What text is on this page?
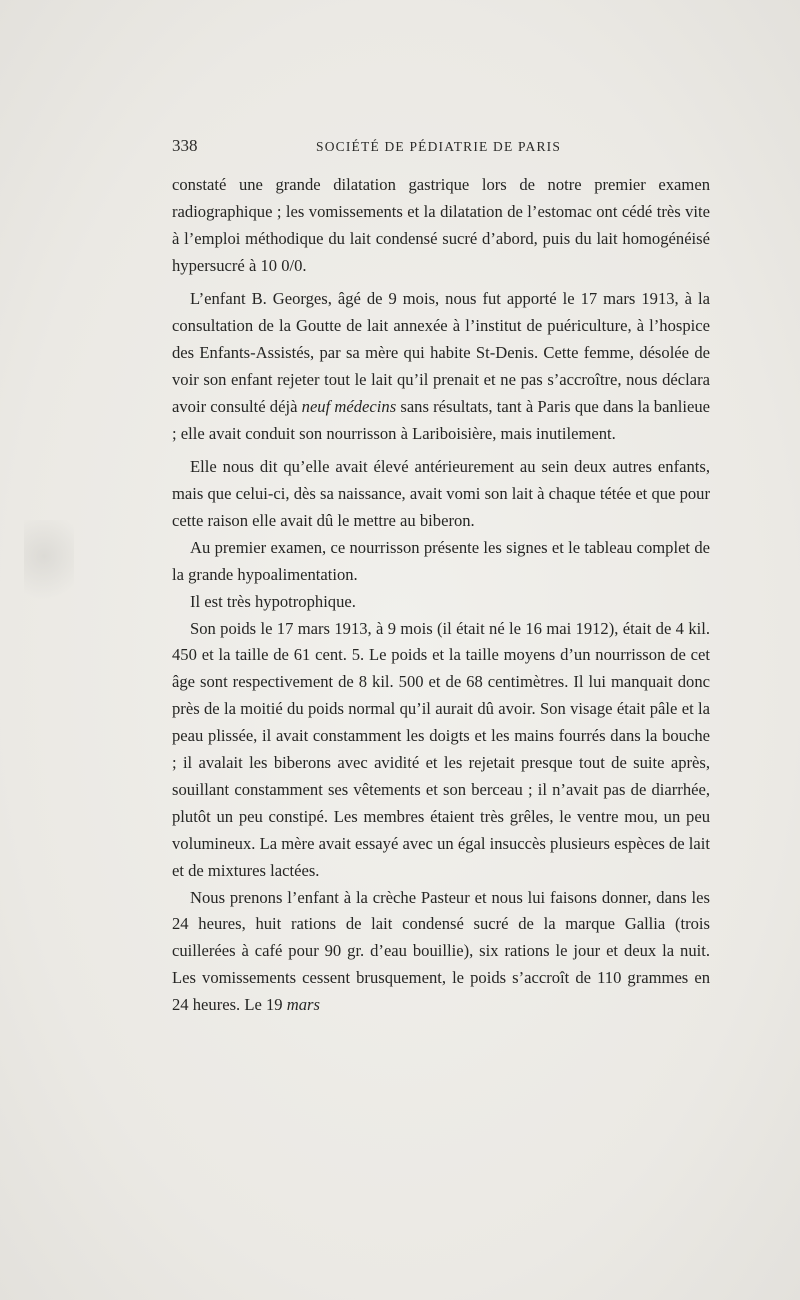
338	SOCIÉTÉ DE PÉDIATRIE DE PARIS

constaté une grande dilatation gastrique lors de notre premier examen radiographique ; les vomissements et la dilatation de l’estomac ont cédé très vite à l’emploi méthodique du lait condensé sucré d’abord, puis du lait homogénéisé hypersucré à 10 0/0.

L’enfant B. Georges, âgé de 9 mois, nous fut apporté le 17 mars 1913, à la consultation de la Goutte de lait annexée à l’institut de puériculture, à l’hospice des Enfants-Assistés, par sa mère qui habite St-Denis. Cette femme, désolée de voir son enfant rejeter tout le lait qu’il prenait et ne pas s’accroître, nous déclara avoir consulté déjà neuf médecins sans résultats, tant à Paris que dans la banlieue ; elle avait conduit son nourrisson à Lariboisière, mais inutilement.

Elle nous dit qu’elle avait élevé antérieurement au sein deux autres enfants, mais que celui-ci, dès sa naissance, avait vomi son lait à chaque tétée et que pour cette raison elle avait dû le mettre au biberon.

Au premier examen, ce nourrisson présente les signes et le tableau complet de la grande hypoalimentation.

Il est très hypotrophique.

Son poids le 17 mars 1913, à 9 mois (il était né le 16 mai 1912), était de 4 kil. 450 et la taille de 61 cent. 5. Le poids et la taille moyens d’un nourrisson de cet âge sont respectivement de 8 kil. 500 et de 68 centimètres. Il lui manquait donc près de la moitié du poids normal qu’il aurait dû avoir. Son visage était pâle et la peau plissée, il avait constamment les doigts et les mains fourrés dans la bouche ; il avalait les biberons avec avidité et les rejetait presque tout de suite après, souillant constamment ses vêtements et son berceau ; il n’avait pas de diarrhée, plutôt un peu constipé. Les membres étaient très grêles, le ventre mou, un peu volumineux. La mère avait essayé avec un égal insuccès plusieurs espèces de lait et de mixtures lactées.

Nous prenons l’enfant à la crèche Pasteur et nous lui faisons donner, dans les 24 heures, huit rations de lait condensé sucré de la marque Gallia (trois cuillerées à café pour 90 gr. d’eau bouillie), six rations le jour et deux la nuit. Les vomissements cessent brusquement, le poids s’accroît de 110 grammes en 24 heures. Le 19 mars
